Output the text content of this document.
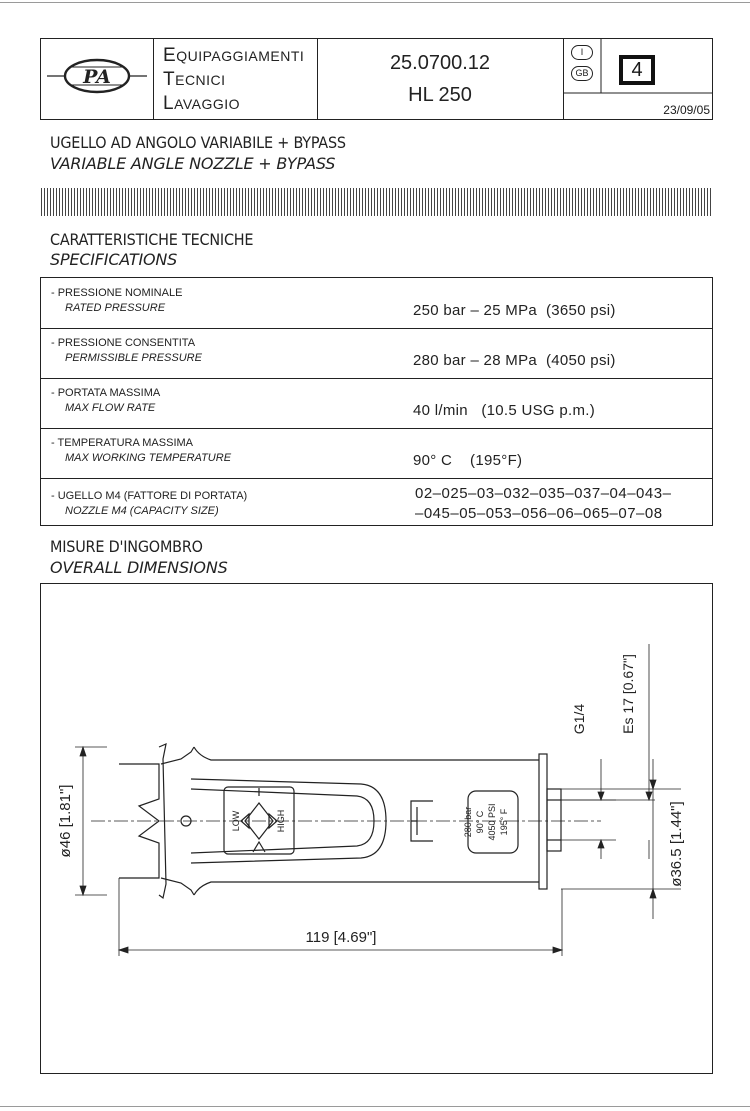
PA
EQUIPAGGIAMENTI
TECNICI
LAVAGGIO
25.0700.12
HL 250
I
GB	4
23/09/05
UGELLO AD ANGOLO VARIABILE + BYPASS
VARIABLE ANGLE NOZZLE + BYPASS
CARATTERISTICHE TECNICHE
SPECIFICATIONS
- PRESSIONE NOMINALE
RATED PRESSURE	250 bar – 25 MPa  (3650 psi)
- PRESSIONE CONSENTITA
PERMISSIBLE PRESSURE	280 bar – 28 MPa  (4050 psi)
- PORTATA MASSIMA
MAX FLOW RATE	40 l/min   (10.5 USG p.m.)
- TEMPERATURA MASSIMA
MAX WORKING TEMPERATURE	90° C    (195°F)
- UGELLO M4 (FATTORE DI PORTATA)
NOZZLE M4 (CAPACITY SIZE)
02–025–03–032–035–037–04–043–
–045–05–053–056–06–065–07–08
MISURE D'INGOMBRO
OVERALL DIMENSIONS
LOW	HIGH	280 bar 90° C 4050 PSI 195° F
ø46 [1.81"]
119 [4.69"]
ø36.5 [1.44"]
G1/4 Es 17 [0.67"]
